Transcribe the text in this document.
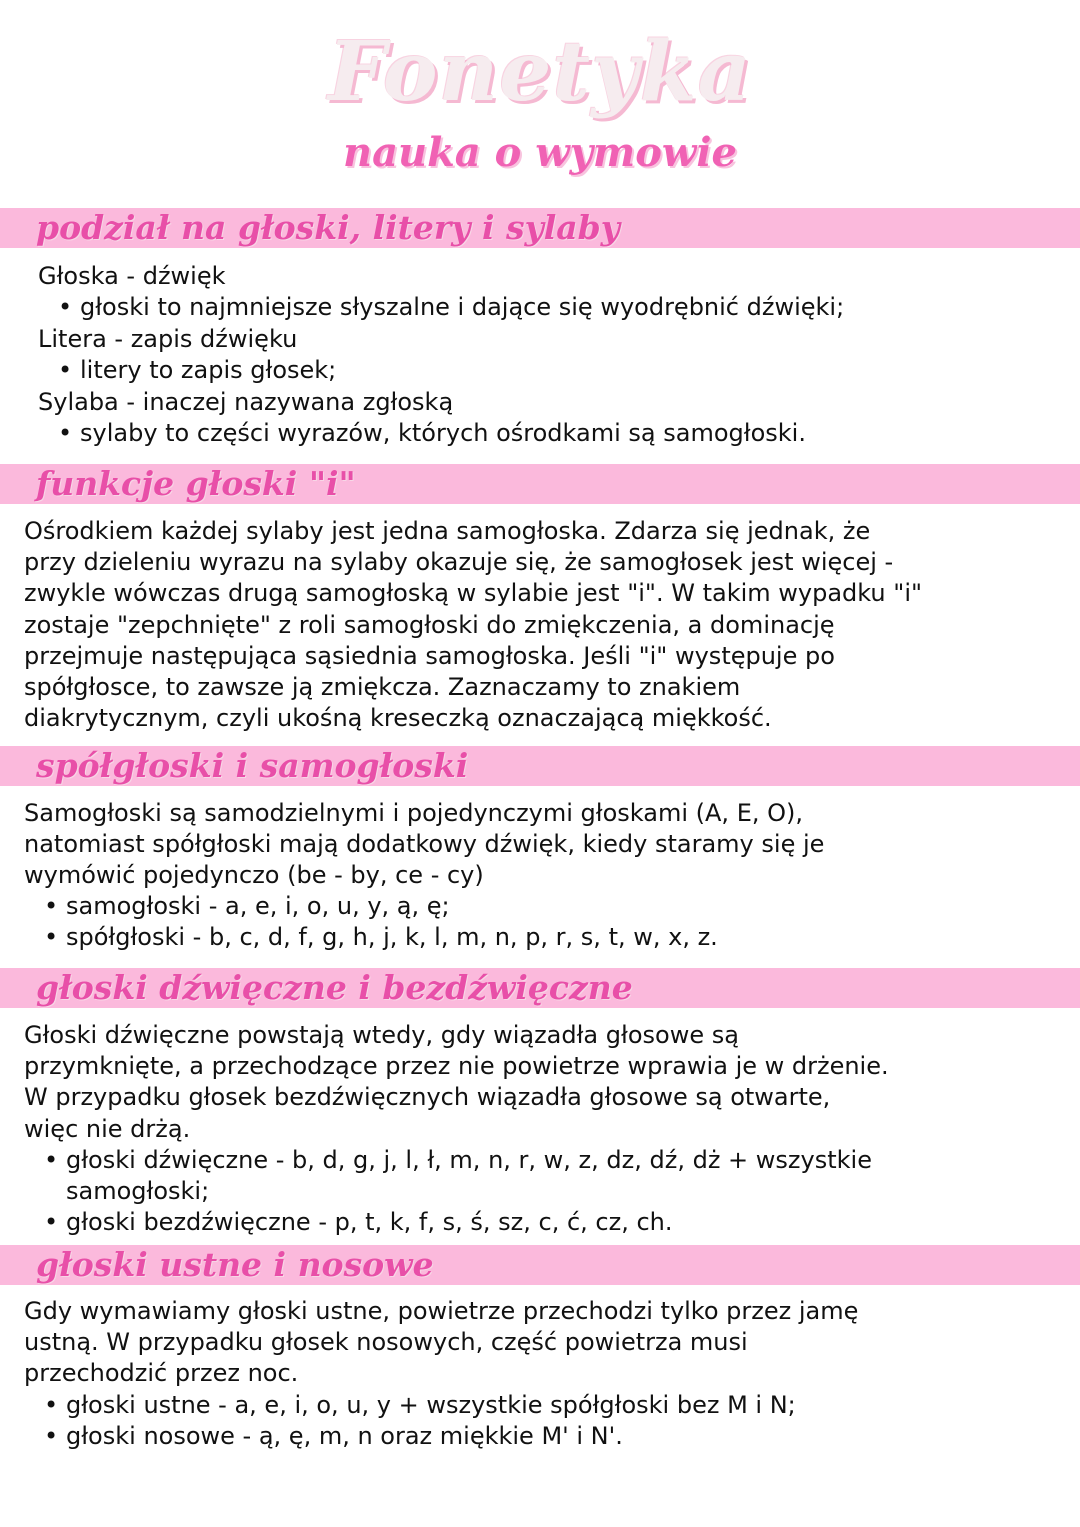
Fonetyka
nauka o wymowie
podział na głoski, litery i sylaby
Głoska - dźwięk
• głoski to najmniejsze słyszalne i dające się wyodrębnić dźwięki;
Litera - zapis dźwięku
• litery to zapis głosek;
Sylaba - inaczej nazywana zgłoską
• sylaby to części wyrazów, których ośrodkami są samogłoski.
funkcje głoski "i"
Ośrodkiem każdej sylaby jest jedna samogłoska. Zdarza się jednak, że
przy dzieleniu wyrazu na sylaby okazuje się, że samogłosek jest więcej -
zwykle wówczas drugą samogłoską w sylabie jest "i". W takim wypadku "i"
zostaje "zepchnięte" z roli samogłoski do zmiękczenia, a dominację
przejmuje następująca sąsiednia samogłoska. Jeśli "i" występuje po
spółgłosce, to zawsze ją zmiękcza. Zaznaczamy to znakiem
diakrytycznym, czyli ukośną kreseczką oznaczającą miękkość.
spółgłoski i samogłoski
Samogłoski są samodzielnymi i pojedynczymi głoskami (A, E, O),
natomiast spółgłoski mają dodatkowy dźwięk, kiedy staramy się je
wymówić pojedynczo (be - by, ce - cy)
• samogłoski - a, e, i, o, u, y, ą, ę;
• spółgłoski - b, c, d, f, g, h, j, k, l, m, n, p, r, s, t, w, x, z.
głoski dźwięczne i bezdźwięczne
Głoski dźwięczne powstają wtedy, gdy wiązadła głosowe są
przymknięte, a przechodzące przez nie powietrze wprawia je w drżenie.
W przypadku głosek bezdźwięcznych wiązadła głosowe są otwarte,
więc nie drżą.
• głoski dźwięczne - b, d, g, j, l, ł, m, n, r, w, z, dz, dź, dż + wszystkie samogłoski;
• głoski bezdźwięczne - p, t, k, f, s, ś, sz, c, ć, cz, ch.
głoski ustne i nosowe
Gdy wymawiamy głoski ustne, powietrze przechodzi tylko przez jamę
ustną. W przypadku głosek nosowych, część powietrza musi
przechodzić przez noc.
• głoski ustne - a, e, i, o, u, y + wszystkie spółgłoski bez M i N;
• głoski nosowe - ą, ę, m, n oraz miękkie M' i N'.
